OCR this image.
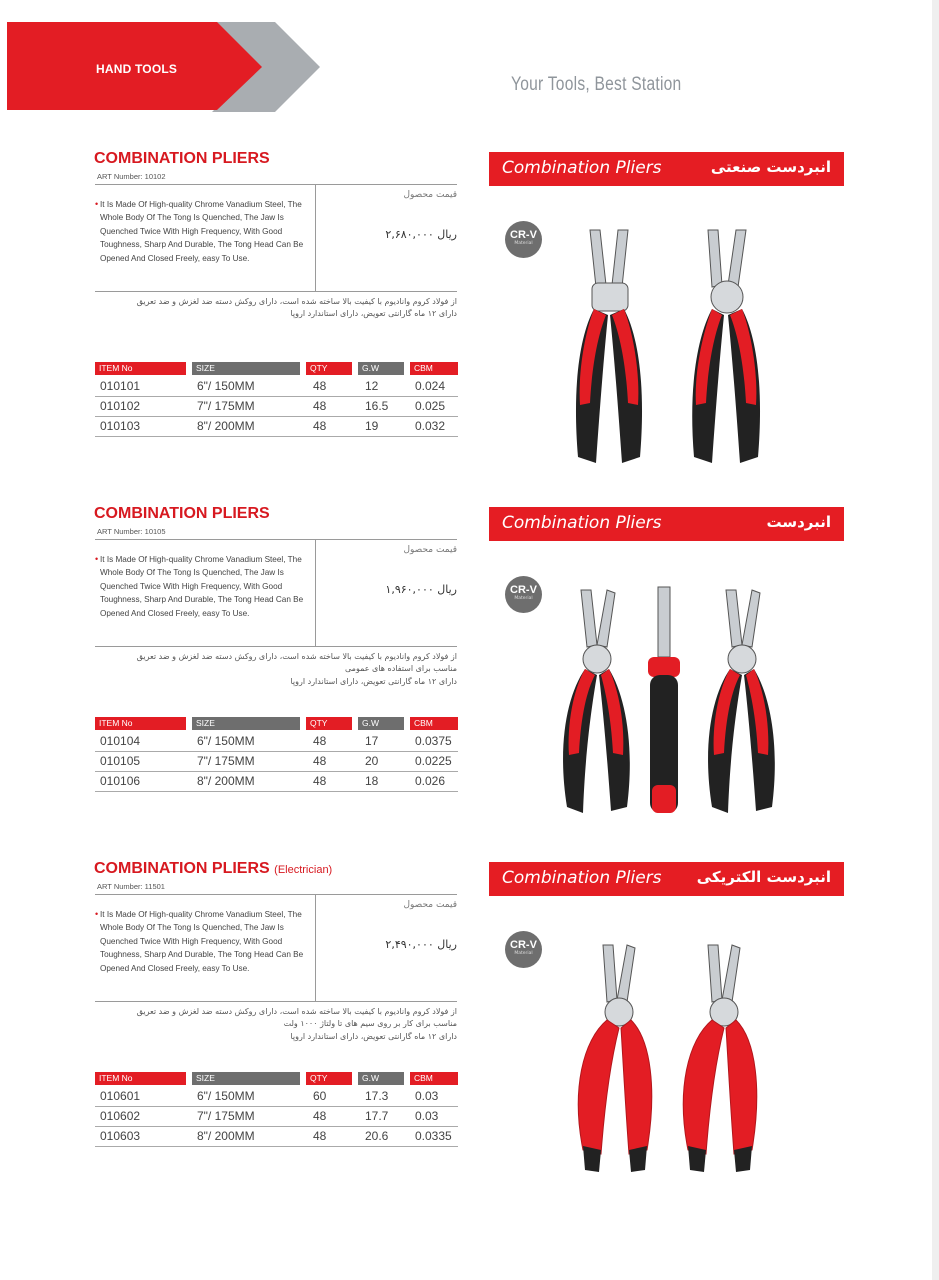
HAND TOOLS
Your Tools, Best Station
COMBINATION PLIERS
ART Number: 10102
• It Is Made Of High-quality Chrome Vanadium Steel, The Whole Body Of The Tong Is Quenched, The Jaw Is Quenched Twice With High Frequency, With Good Toughness, Sharp And Durable, The Tong Head Can Be Opened And Closed Freely, easy To Use.
قیمت محصول
۲,۶۸۰,۰۰۰ ریال
از فولاد کروم وانادیوم با کیفیت بالا ساخته شده است، دارای روکش دسته ضد لغزش و ضد تعریق
دارای ۱۲ ماه گارانتی تعویض، دارای استاندارد اروپا
ITEM No	SIZE	QTY	G.W	CBM
010101	6"/ 150MM	48	12	0.024
010102	7"/ 175MM	48	16.5 0.025
010103	8"/ 200MM	48	19	0.032
Combination Pliers	انبردست صنعتی
CR-V
Material
COMBINATION PLIERS
ART Number: 10105
• It Is Made Of High-quality Chrome Vanadium Steel, The Whole Body Of The Tong Is Quenched, The Jaw Is Quenched Twice With High Frequency, With Good Toughness, Sharp And Durable, The Tong Head Can Be Opened And Closed Freely, easy To Use.
قیمت محصول
۱,۹۶۰,۰۰۰ ریال
از فولاد کروم وانادیوم با کیفیت بالا ساخته شده است، دارای روکش دسته ضد لغزش و ضد تعریق
مناسب برای استفاده های عمومی
دارای ۱۲ ماه گارانتی تعویض، دارای استاندارد اروپا
ITEM No	SIZE	QTY	G.W	CBM
010104	6"/ 150MM	48	17	0.0375
010105	7"/ 175MM	48	20	0.0225
010106	8"/ 200MM	48	18	0.026
Combination Pliers	انبردست
CR-V
Material
COMBINATION PLIERS (Electrician)
ART Number: 11501
• It Is Made Of High-quality Chrome Vanadium Steel, The Whole Body Of The Tong Is Quenched, The Jaw Is Quenched Twice With High Frequency, With Good Toughness, Sharp And Durable, The Tong Head Can Be Opened And Closed Freely, easy To Use.
قیمت محصول
۲,۴۹۰,۰۰۰ ریال
از فولاد کروم وانادیوم با کیفیت بالا ساخته شده است، دارای روکش دسته ضد لغزش و ضد تعریق
مناسب برای کار بر روی سیم های تا ولتاژ ۱۰۰۰ ولت
دارای ۱۲ ماه گارانتی تعویض، دارای استاندارد اروپا
ITEM No	SIZE	QTY	G.W	CBM
010601	6"/ 150MM	60	17.3 0.03
010602	7"/ 175MM	48	17.7 0.03
010603	8"/ 200MM	48	20.6 0.0335
Combination Pliers انبردست الکتریکی
CR-V
Material
